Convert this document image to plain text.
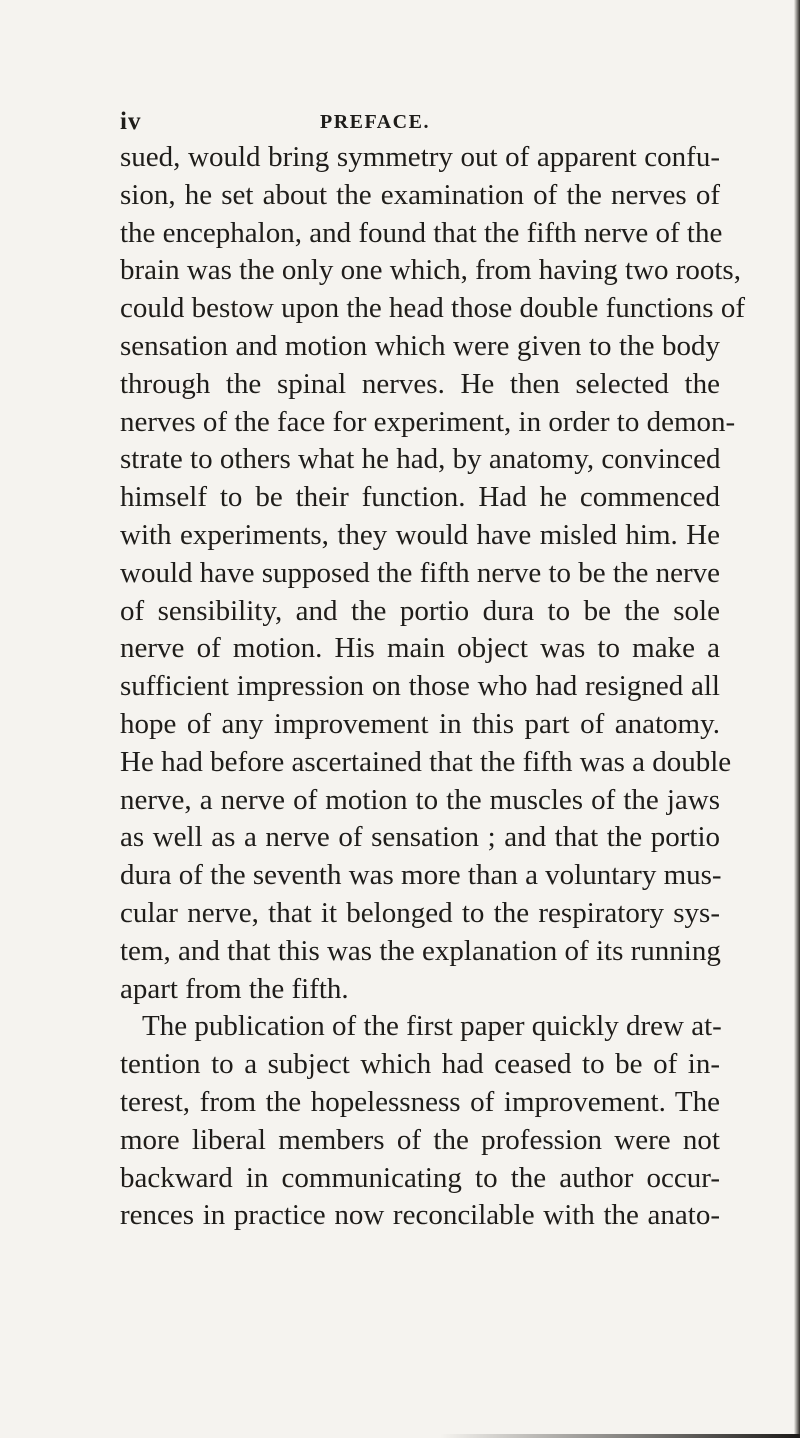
iv	PREFACE.
sued, would bring symmetry out of apparent confu-
sion, he set about the examination of the nerves of
the encephalon, and found that the fifth nerve of the
brain was the only one which, from having two roots,
could bestow upon the head those double functions of
sensation and motion which were given to the body
through the spinal nerves. He then selected the
nerves of the face for experiment, in order to demon-
strate to others what he had, by anatomy, convinced
himself to be their function. Had he commenced
with experiments, they would have misled him. He
would have supposed the fifth nerve to be the nerve
of sensibility, and the portio dura to be the sole
nerve of motion. His main object was to make a
sufficient impression on those who had resigned all
hope of any improvement in this part of anatomy.
He had before ascertained that the fifth was a double
nerve, a nerve of motion to the muscles of the jaws
as well as a nerve of sensation ; and that the portio
dura of the seventh was more than a voluntary mus-
cular nerve, that it belonged to the respiratory sys-
tem, and that this was the explanation of its running
apart from the fifth.
The publication of the first paper quickly drew at-
tention to a subject which had ceased to be of in-
terest, from the hopelessness of improvement. The
more liberal members of the profession were not
backward in communicating to the author occur-
rences in practice now reconcilable with the anato-
